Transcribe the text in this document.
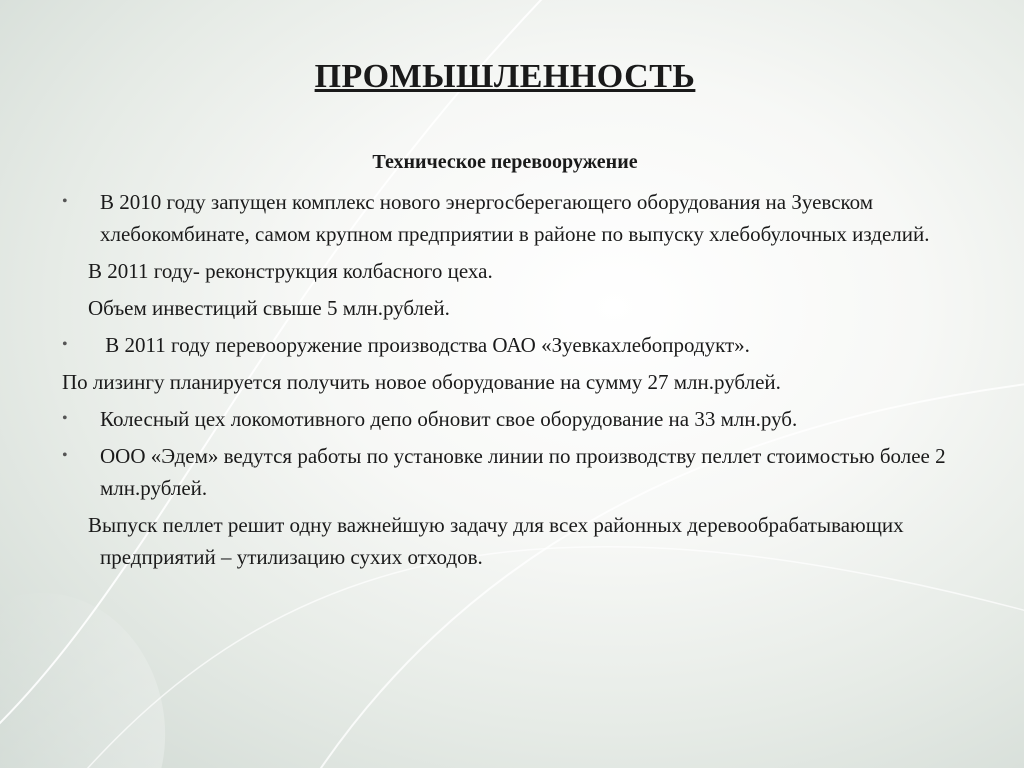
ПРОМЫШЛЕННОСТЬ
Техническое перевооружение

• В 2010 году запущен комплекс нового энергосберегающего оборудования на Зуевском хлебокомбинате, самом крупном предприятии в районе по выпуску хлебобулочных изделий.

В 2011 году- реконструкция колбасного цеха.

Объем инвестиций свыше 5 млн.рублей.

• В 2011 году перевооружение производства ОАО «Зуевкахлебопродукт».

По лизингу планируется получить новое оборудование на сумму 27 млн.рублей.

• Колесный цех локомотивного депо обновит свое оборудование на 33 млн.руб.

• ООО «Эдем» ведутся работы по установке линии по производству пеллет стоимостью более 2 млн.рублей.

Выпуск пеллет решит одну важнейшую задачу для всех районных деревообрабатывающих предприятий – утилизацию сухих отходов.
